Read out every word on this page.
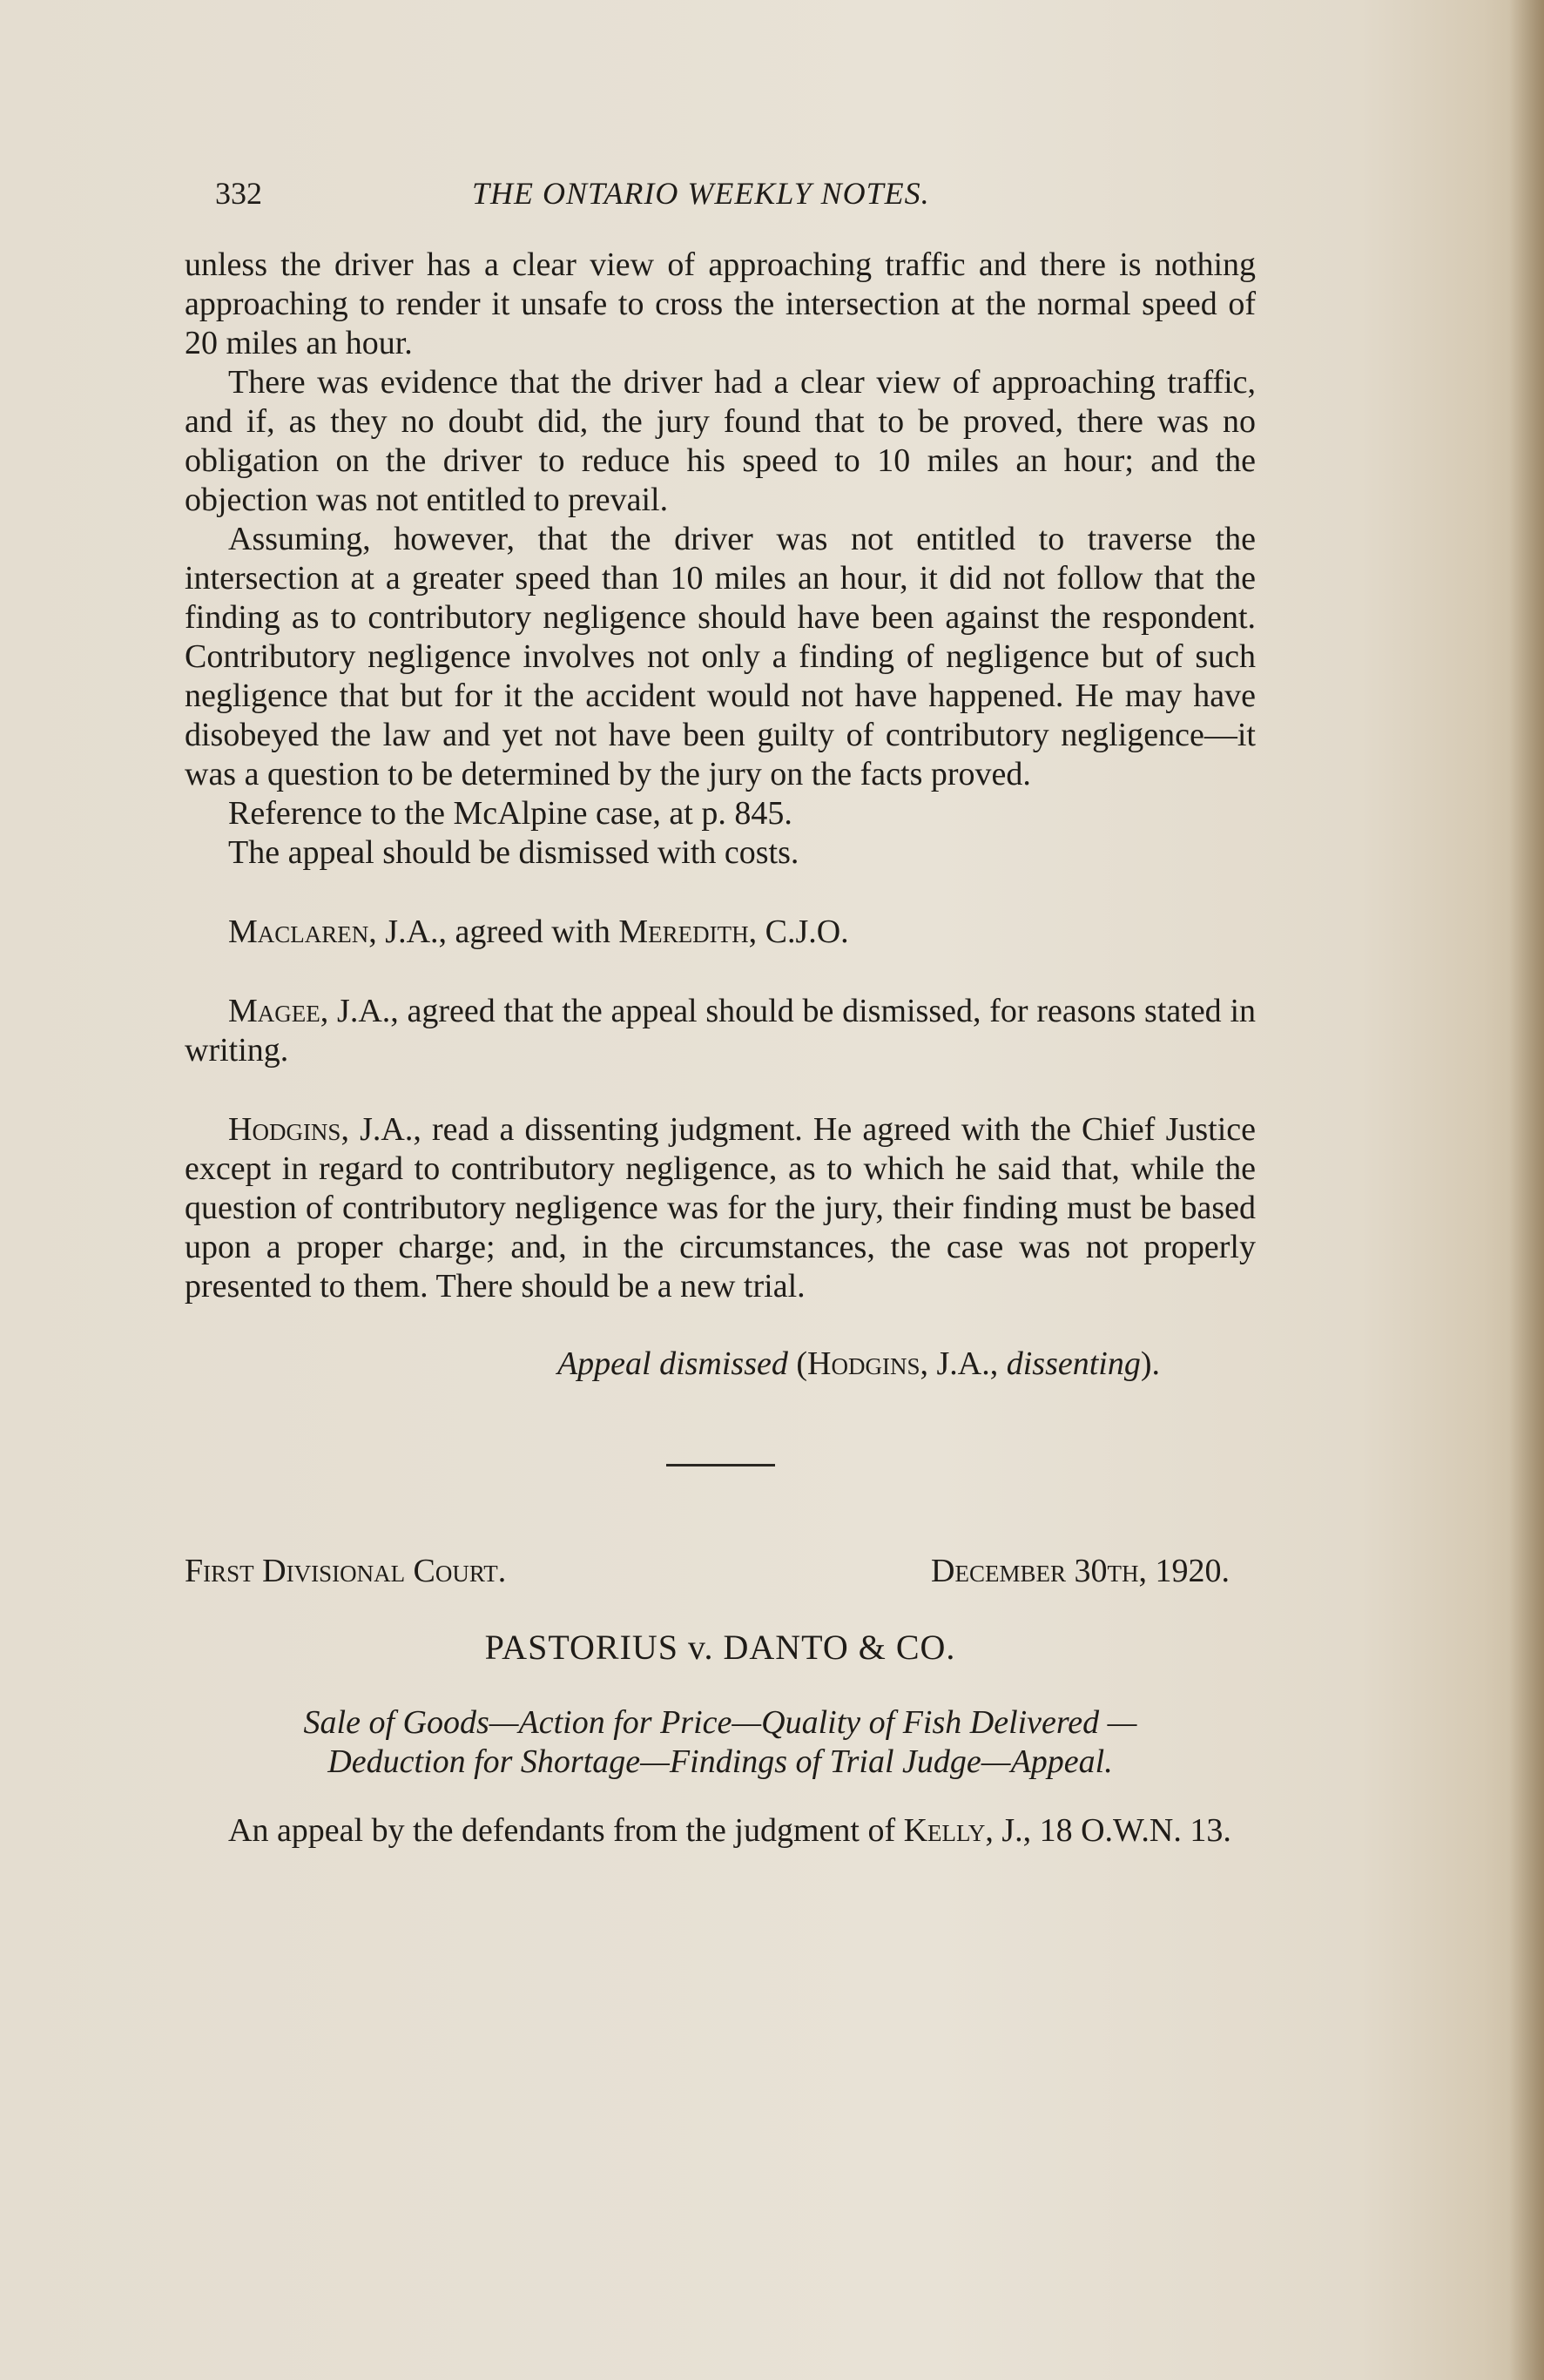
332	THE ONTARIO WEEKLY NOTES.

unless the driver has a clear view of approaching traffic and there is nothing approaching to render it unsafe to cross the intersection at the normal speed of 20 miles an hour.

There was evidence that the driver had a clear view of approaching traffic, and if, as they no doubt did, the jury found that to be proved, there was no obligation on the driver to reduce his speed to 10 miles an hour; and the objection was not entitled to prevail.

Assuming, however, that the driver was not entitled to traverse the intersection at a greater speed than 10 miles an hour, it did not follow that the finding as to contributory negligence should have been against the respondent. Contributory negligence involves not only a finding of negligence but of such negligence that but for it the accident would not have happened. He may have disobeyed the law and yet not have been guilty of contributory negligence—it was a question to be determined by the jury on the facts proved.

Reference to the McAlpine case, at p. 845.

The appeal should be dismissed with costs.

Maclaren, J.A., agreed with Meredith, C.J.O.

Magee, J.A., agreed that the appeal should be dismissed, for reasons stated in writing.

Hodgins, J.A., read a dissenting judgment. He agreed with the Chief Justice except in regard to contributory negligence, as to which he said that, while the question of contributory negligence was for the jury, their finding must be based upon a proper charge; and, in the circumstances, the case was not properly presented to them. There should be a new trial.

Appeal dismissed (Hodgins, J.A., dissenting).
First Divisional Court.	December 30th, 1920.
PASTORIUS v. DANTO & CO.
Sale of Goods—Action for Price—Quality of Fish Delivered —
Deduction for Shortage—Findings of Trial Judge—Appeal.

An appeal by the defendants from the judgment of Kelly, J., 18 O.W.N. 13.
